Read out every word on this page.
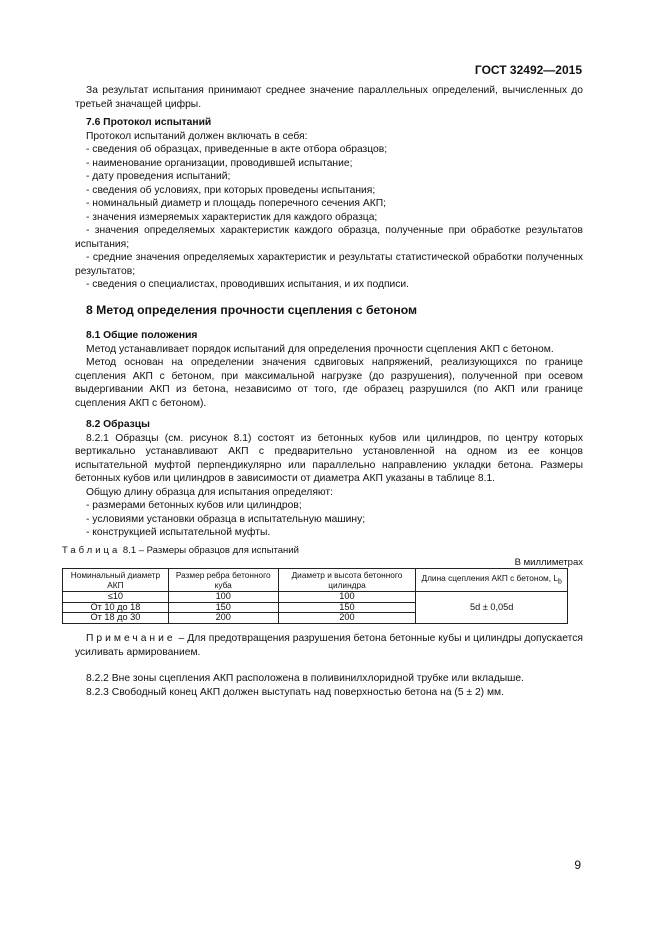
ГОСТ 32492—2015

За результат испытания принимают среднее значение параллельных определений, вычисленных до третьей значащей цифры.

7.6 Протокол испытаний

Протокол испытаний должен включать в себя:

- сведения об образцах, приведенные в акте отбора образцов;

- наименование организации, проводившей испытание;

- дату проведения испытаний;

- сведения об условиях, при которых проведены испытания;

- номинальный диаметр и площадь поперечного сечения АКП;

- значения измеряемых характеристик для каждого образца;

- значения определяемых характеристик каждого образца, полученные при обработке результатов испытания;

- средние значения определяемых характеристик и результаты статистической обработки полученных результатов;

- сведения о специалистах, проводивших испытания, и их подписи.

8 Метод определения прочности сцепления с бетоном

8.1 Общие положения

Метод устанавливает порядок испытаний для определения прочности сцепления АКП с бетоном.

Метод основан на определении значения сдвиговых напряжений, реализующихся по границе сцепления АКП с бетоном, при максимальной нагрузке (до разрушения), полученной при осевом выдергивании АКП из бетона, независимо от того, где образец разрушился (по АКП или границе сцепления АКП с бетоном).

8.2 Образцы

8.2.1 Образцы (см. рисунок 8.1) состоят из бетонных кубов или цилиндров, по центру которых вертикально устанавливают АКП с предварительно установленной на одном из ее концов испытательной муфтой перпендикулярно или параллельно направлению укладки бетона. Размеры бетонных кубов или цилиндров в зависимости от диаметра АКП указаны в таблице 8.1.

Общую длину образца для испытания определяют:

- размерами бетонных кубов или цилиндров;

- условиями установки образца в испытательную машину;

- конструкцией испытательной муфты.

Таблица 8.1 – Размеры образцов для испытаний
В миллиметрах
Номинальный диаметр АКП	Размер ребра бетонного куба	Диаметр и высота бетонного цилиндра	Длина сцепления АКП с бетоном, $L_b$
≤10	100	100	5d ± 0,05d
От 10 до 18	150	150	
От 18 до 30	200	200	

Примечание – Для предотвращения разрушения бетона бетонные кубы и цилиндры допускается усиливать армированием.

8.2.2 Вне зоны сцепления АКП расположена в поливинилхлоридной трубке или вкладыше.

8.2.3 Свободный конец АКП должен выступать над поверхностью бетона на (5 ± 2) мм.

9
